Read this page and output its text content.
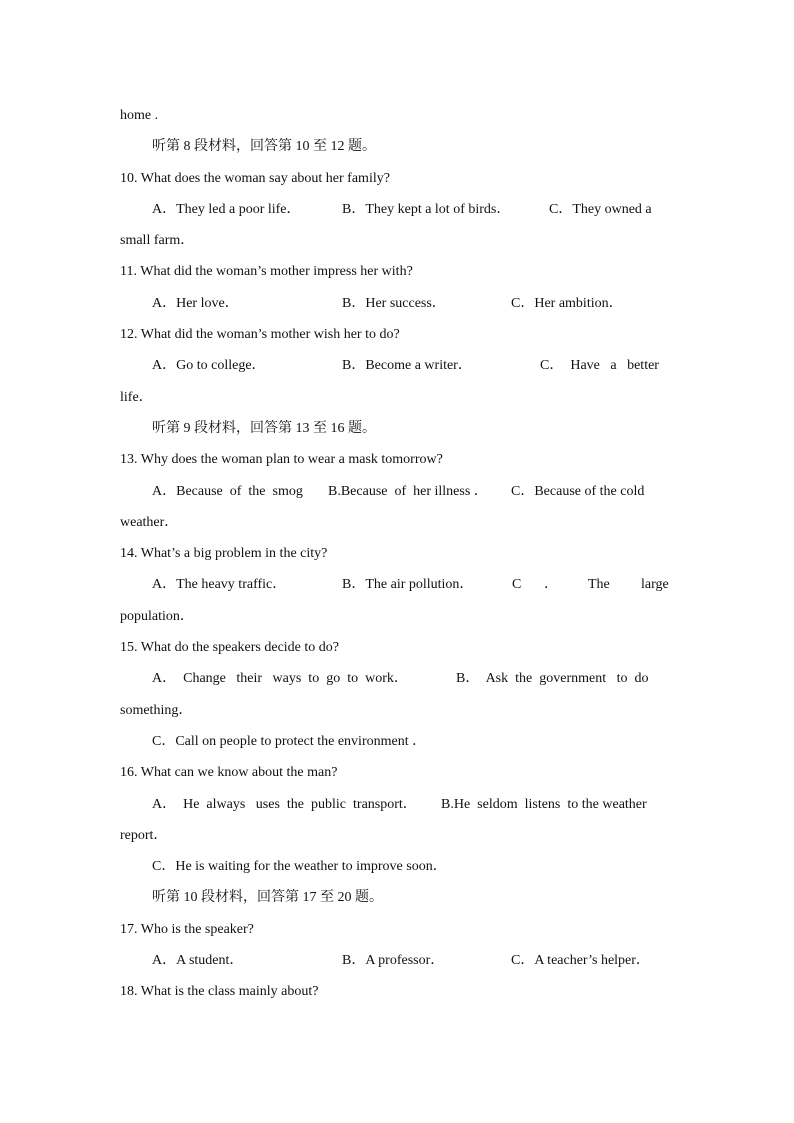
home .
听第 8 段材料，回答第 10 至 12 题。
10. What does the woman say about her family?
A．They led a poor life．	B．They kept a lot of birds．	C．They owned a
small farm．
11. What did the woman’s mother impress her with?
A．Her love．	B．Her success．	C．Her ambition．
12. What did the woman’s mother wish her to do?
A．Go to college．	B．Become a writer．	C．  Have   a   better
life．
听第 9 段材料，回答第 13 至 16 题。
13. Why does the woman plan to wear a mask tomorrow?
A．Because  of  the  smog B.Because  of  her illness ． C．Because of the cold
weather．
14. What’s a big problem in the city?
A．The heavy traffic．	B．The air pollution．	C ． The large
population．
15. What do the speakers decide to do?
A．  Change   their   ways  to  go  to  work．	B．  Ask  the  government   to  do
something．
C．Call on people to protect the environment ．
16. What can we know about the man?
A．  He  always   uses  the  public  transport． B.He  seldom  listens  to the weather
report．
C．He is waiting for the weather to improve soon．
听第 10 段材料，回答第 17 至 20 题。
17. Who is the speaker?
A．A student．	B．A professor．	C．A teacher’s helper．
18. What is the class mainly about?
